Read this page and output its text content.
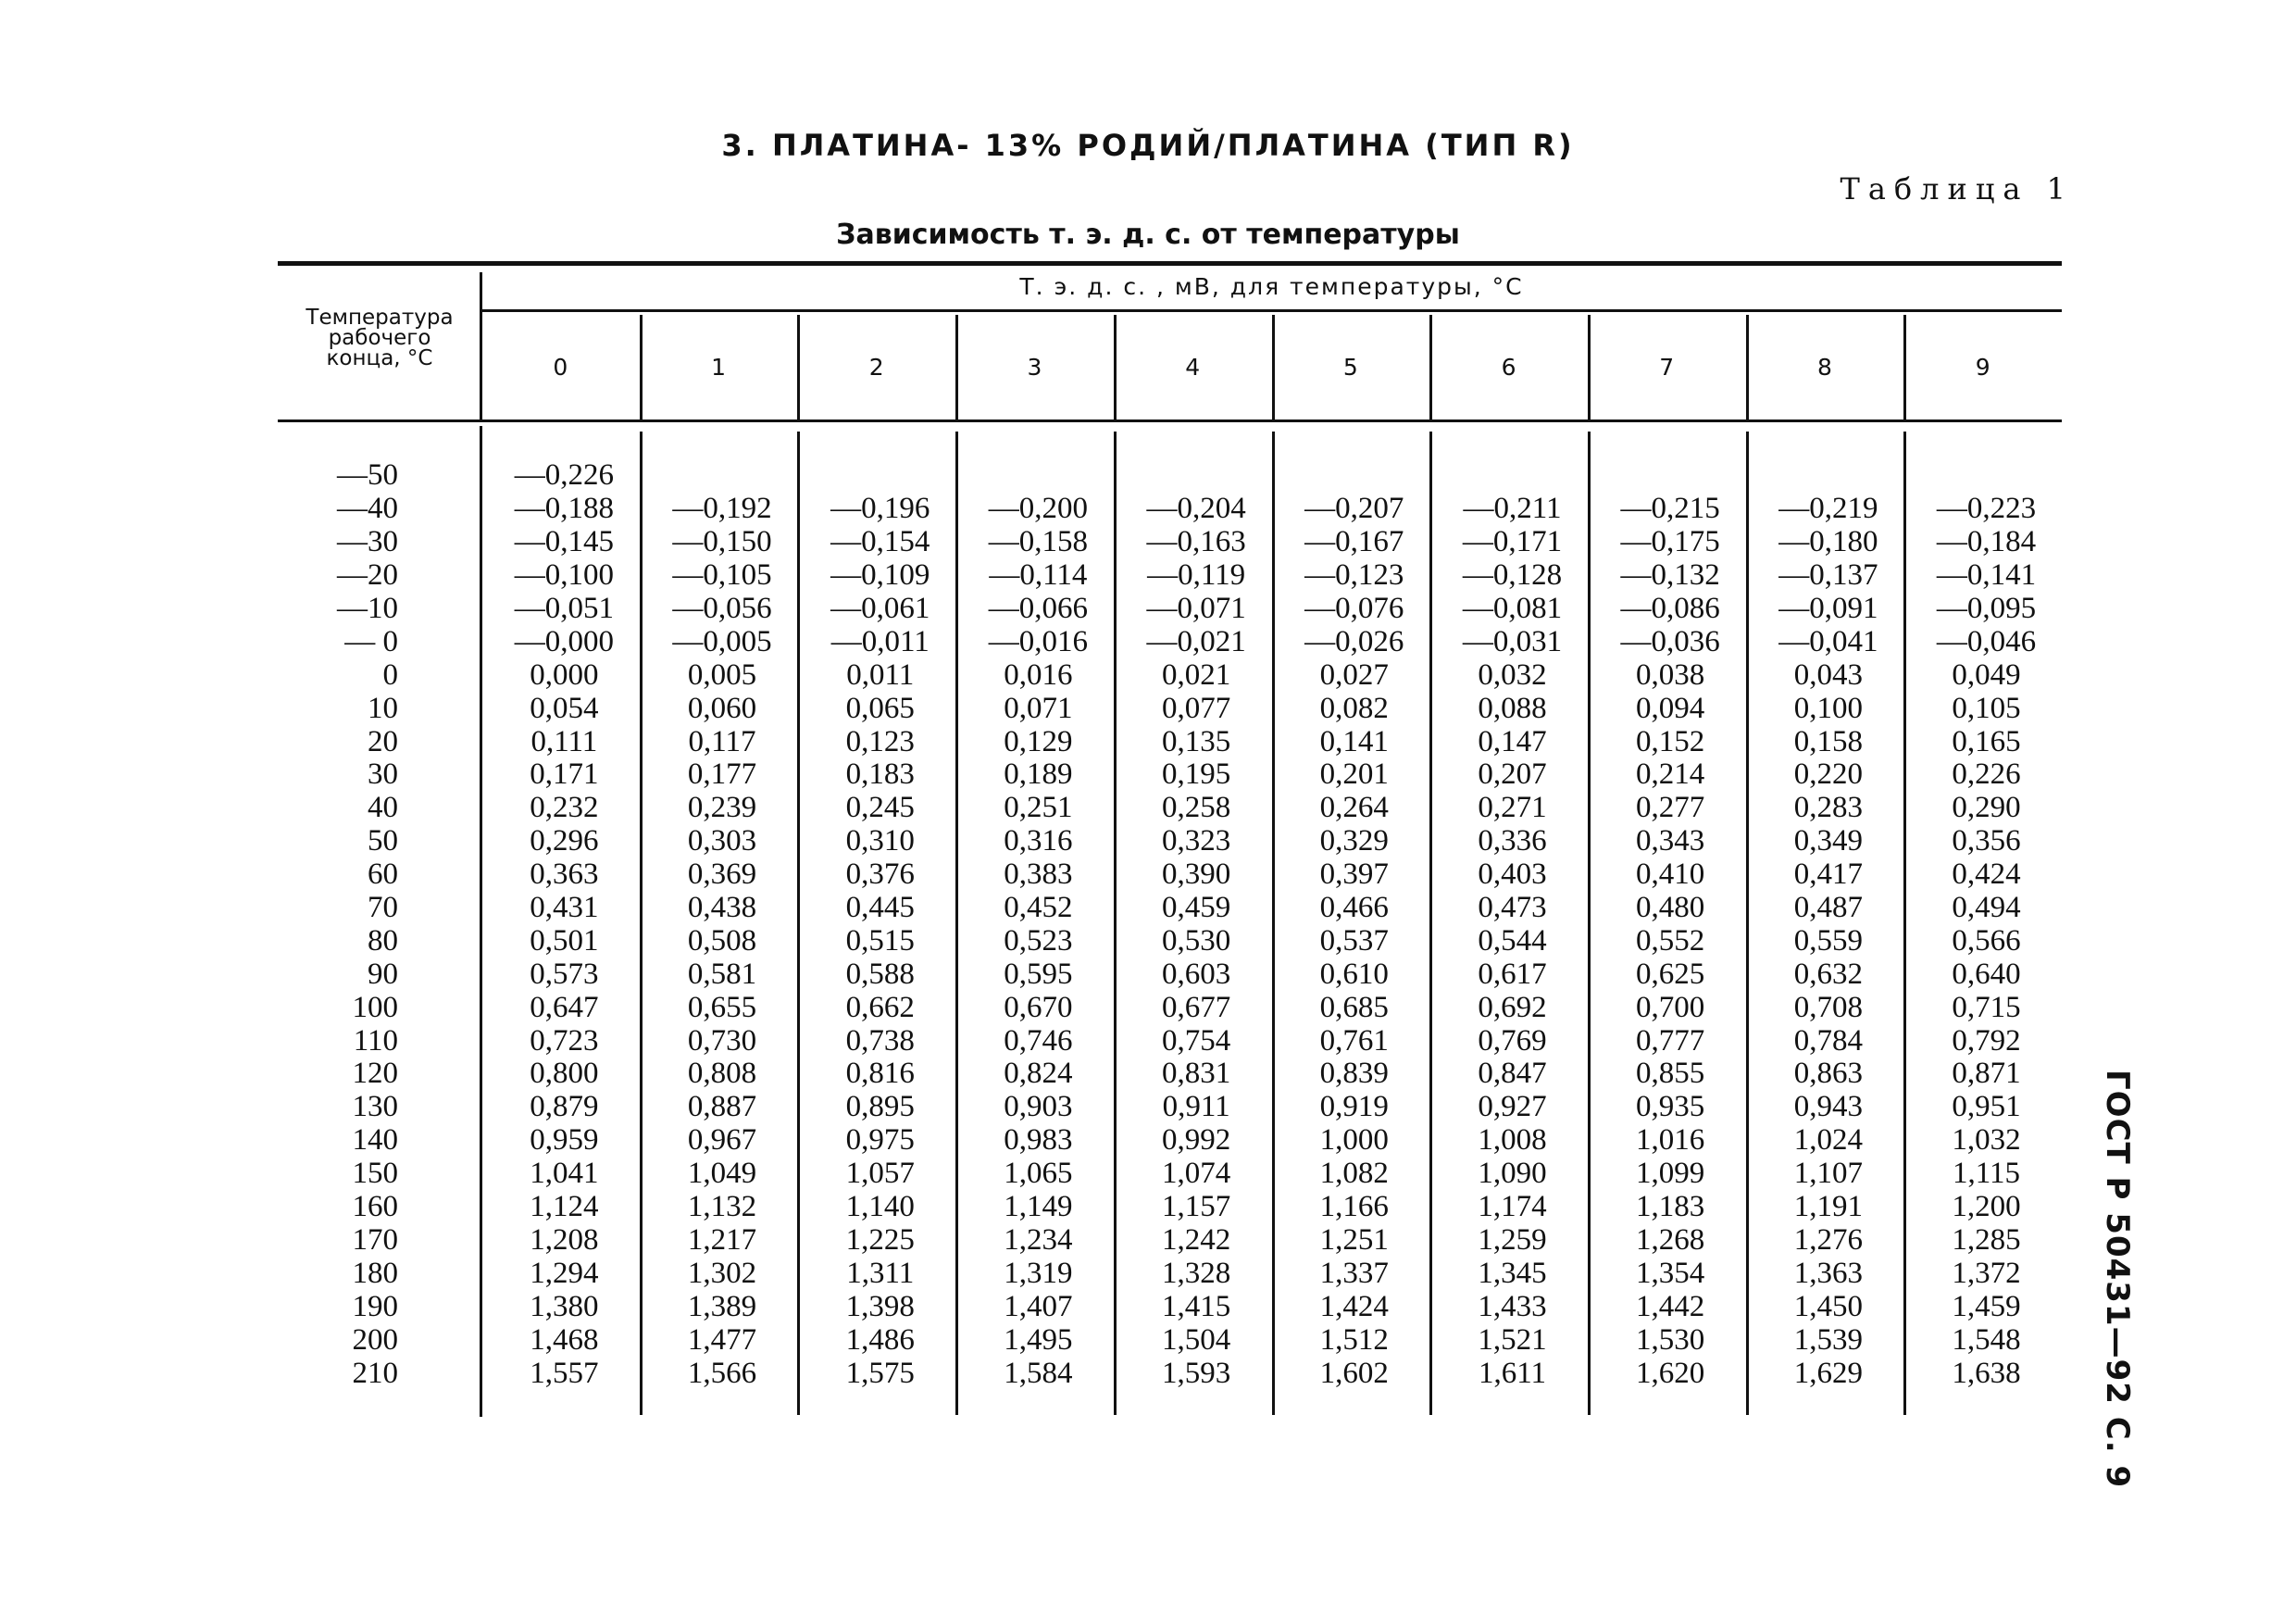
3. ПЛАТИНА- 13% РОДИЙ/ПЛАТИНА (ТИП R)
Таблица 1
Зависимость т. э. д. с. от температуры
Температура
рабочего
конца, °С
Т. э. д. с. , мВ, для температуры, °С
0	1	2	3	4	5	6	7	8	9
—50	—0,226
—40	—0,188	—0,192	—0,196	—0,200	—0,204	—0,207	—0,211	—0,215	—0,219	—0,223
—30	—0,145	—0,150	—0,154	—0,158	—0,163	—0,167	—0,171	—0,175	—0,180	—0,184
—20	—0,100	—0,105	—0,109	—0,114	—0,119	—0,123	—0,128	—0,132	—0,137	—0,141
—10	—0,051	—0,056	—0,061	—0,066	—0,071	—0,076	—0,081	—0,086	—0,091	—0,095
— 0	—0,000	—0,005	—0,011	—0,016	—0,021	—0,026	—0,031	—0,036	—0,041	—0,046
0	0,000	0,005	0,011	0,016	0,021	0,027	0,032	0,038	0,043	0,049
10	0,054	0,060	0,065	0,071	0,077	0,082	0,088	0,094	0,100	0,105
20	0,111	0,117	0,123	0,129	0,135	0,141	0,147	0,152	0,158	0,165
30	0,171	0,177	0,183	0,189	0,195	0,201	0,207	0,214	0,220	0,226
40	0,232	0,239	0,245	0,251	0,258	0,264	0,271	0,277	0,283	0,290
50	0,296	0,303	0,310	0,316	0,323	0,329	0,336	0,343	0,349	0,356
60	0,363	0,369	0,376	0,383	0,390	0,397	0,403	0,410	0,417	0,424
70	0,431	0,438	0,445	0,452	0,459	0,466	0,473	0,480	0,487	0,494
80	0,501	0,508	0,515	0,523	0,530	0,537	0,544	0,552	0,559	0,566
90	0,573	0,581	0,588	0,595	0,603	0,610	0,617	0,625	0,632	0,640
100	0,647	0,655	0,662	0,670	0,677	0,685	0,692	0,700	0,708	0,715
110	0,723	0,730	0,738	0,746	0,754	0,761	0,769	0,777	0,784	0,792
120	0,800	0,808	0,816	0,824	0,831	0,839	0,847	0,855	0,863	0,871
130	0,879	0,887	0,895	0,903	0,911	0,919	0,927	0,935	0,943	0,951
140	0,959	0,967	0,975	0,983	0,992	1,000	1,008	1,016	1,024	1,032
150	1,041	1,049	1,057	1,065	1,074	1,082	1,090	1,099	1,107	1,115
160	1,124	1,132	1,140	1,149	1,157	1,166	1,174	1,183	1,191	1,200
170	1,208	1,217	1,225	1,234	1,242	1,251	1,259	1,268	1,276	1,285
180	1,294	1,302	1,311	1,319	1,328	1,337	1,345	1,354	1,363	1,372
190	1,380	1,389	1,398	1,407	1,415	1,424	1,433	1,442	1,450	1,459
200	1,468	1,477	1,486	1,495	1,504	1,512	1,521	1,530	1,539	1,548
210	1,557	1,566	1,575	1,584	1,593	1,602	1,611	1,620	1,629	1,638	ГОСТ Р 50431—92 С. 9
